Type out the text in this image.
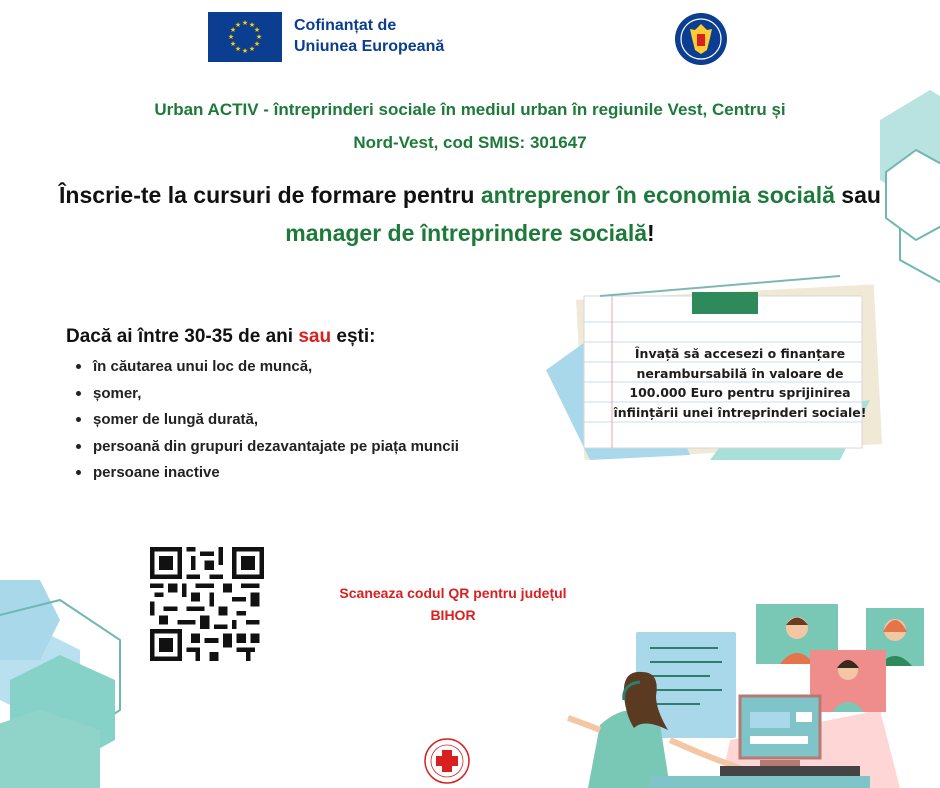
★ ★
★
★
★
★
★
★
★
★
★
★	Cofinanțat de
Uniunea Europeană
Urban ACTIV - întreprinderi sociale în mediul urban în regiunile Vest, Centru și
Nord-Vest, cod SMIS: 301647
Înscrie-te la cursuri de formare pentru antreprenor în economia socială sau manager de întreprindere socială!
Dacă ai între 30-35 de ani sau ești:
în căutarea unui loc de muncă,
șomer,
șomer de lungă durată,
persoană din grupuri dezavantajate pe piața muncii
persoane inactive
Învață să accesezi o finanțare
nerambursabilă în valoare de
100.000 Euro pentru sprijinirea
înființării unei întreprinderi sociale!
Scaneaza codul QR pentru județul
BIHOR
